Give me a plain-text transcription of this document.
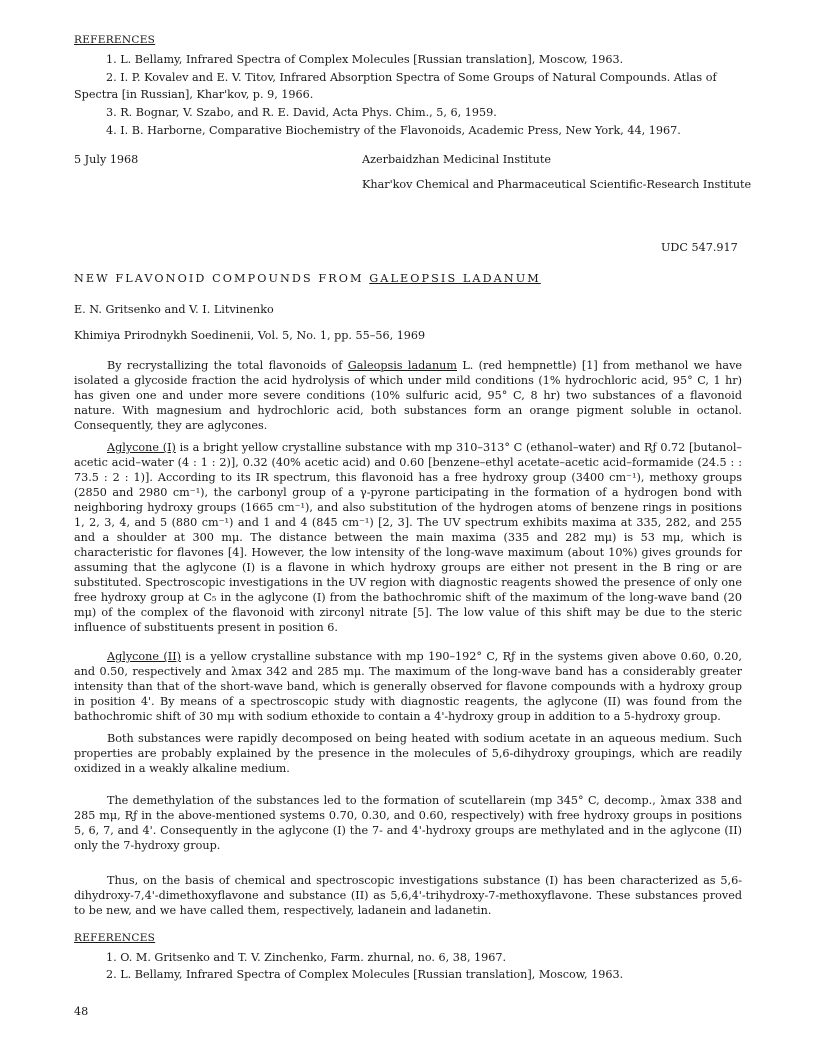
REFERENCES
1. L. Bellamy, Infrared Spectra of Complex Molecules [Russian translation], Moscow, 1963.
2. I. P. Kovalev and E. V. Titov, Infrared Absorption Spectra of Some Groups of Natural Compounds. Atlas of
Spectra [in Russian], Khar'kov, p. 9, 1966.
3. R. Bognar, V. Szabo, and R. E. David, Acta Phys. Chim., 5, 6, 1959.
4. I. B. Harborne, Comparative Biochemistry of the Flavonoids, Academic Press, New York, 44, 1967.
5 July 1968	Azerbaidzhan Medicinal Institute
Khar'kov Chemical and Pharmaceutical Scientific-Research Institute
UDC 547.917
NEW FLAVONOID COMPOUNDS FROM GALEOPSIS LADANUM
E. N. Gritsenko and V. I. Litvinenko
Khimiya Prirodnykh Soedinenii, Vol. 5, No. 1, pp. 55–56, 1969
By recrystallizing the total flavonoids of Galeopsis ladanum L. (red hempnettle) [1] from methanol we have isolated a glycoside fraction the acid hydrolysis of which under mild conditions (1% hydrochloric acid, 95° C, 1 hr) has given one and under more severe conditions (10% sulfuric acid, 95° C, 8 hr) two substances of a flavonoid nature. With magnesium and hydrochloric acid, both substances form an orange pigment soluble in octanol. Consequently, they are aglycones.
Aglycone (I) is a bright yellow crystalline substance with mp 310–313° C (ethanol–water) and Rƒ 0.72 [butanol–acetic acid–water (4 : 1 : 2)], 0.32 (40% acetic acid) and 0.60 [benzene–ethyl acetate–acetic acid–formamide (24.5 : : 73.5 : 2 : 1)]. According to its IR spectrum, this flavonoid has a free hydroxy group (3400 cm⁻¹), methoxy groups (2850 and 2980 cm⁻¹), the carbonyl group of a γ-pyrone participating in the formation of a hydrogen bond with neighboring hydroxy groups (1665 cm⁻¹), and also substitution of the hydrogen atoms of benzene rings in positions 1, 2, 3, 4, and 5 (880 cm⁻¹) and 1 and 4 (845 cm⁻¹) [2, 3]. The UV spectrum exhibits maxima at 335, 282, and 255 and a shoulder at 300 mμ. The distance between the main maxima (335 and 282 mμ) is 53 mμ, which is characteristic for flavones [4]. However, the low intensity of the long-wave maximum (about 10%) gives grounds for assuming that the aglycone (I) is a flavone in which hydroxy groups are either not present in the B ring or are substituted. Spectroscopic investigations in the UV region with diagnostic reagents showed the presence of only one free hydroxy group at C₅ in the aglycone (I) from the bathochromic shift of the maximum of the long-wave band (20 mμ) of the complex of the flavonoid with zirconyl nitrate [5]. The low value of this shift may be due to the steric influence of substituents present in position 6.
Aglycone (II) is a yellow crystalline substance with mp 190–192° C, Rƒ in the systems given above 0.60, 0.20, and 0.50, respectively and λmax 342 and 285 mμ. The maximum of the long-wave band has a considerably greater intensity than that of the short-wave band, which is generally observed for flavone compounds with a hydroxy group in position 4'. By means of a spectroscopic study with diagnostic reagents, the aglycone (II) was found from the bathochromic shift of 30 mμ with sodium ethoxide to contain a 4'-hydroxy group in addition to a 5-hydroxy group.
Both substances were rapidly decomposed on being heated with sodium acetate in an aqueous medium. Such properties are probably explained by the presence in the molecules of 5,6-dihydroxy groupings, which are readily oxidized in a weakly alkaline medium.
The demethylation of the substances led to the formation of scutellarein (mp 345° C, decomp., λmax 338 and 285 mμ, Rƒ in the above-mentioned systems 0.70, 0.30, and 0.60, respectively) with free hydroxy groups in positions 5, 6, 7, and 4'. Consequently in the aglycone (I) the 7- and 4'-hydroxy groups are methylated and in the aglycone (II) only the 7-hydroxy group.
Thus, on the basis of chemical and spectroscopic investigations substance (I) has been characterized as 5,6-dihydroxy-7,4'-dimethoxyflavone and substance (II) as 5,6,4'-trihydroxy-7-methoxyflavone. These substances proved to be new, and we have called them, respectively, ladanein and ladanetin.
REFERENCES
1. O. M. Gritsenko and T. V. Zinchenko, Farm. zhurnal, no. 6, 38, 1967.
2. L. Bellamy, Infrared Spectra of Complex Molecules [Russian translation], Moscow, 1963.
48
